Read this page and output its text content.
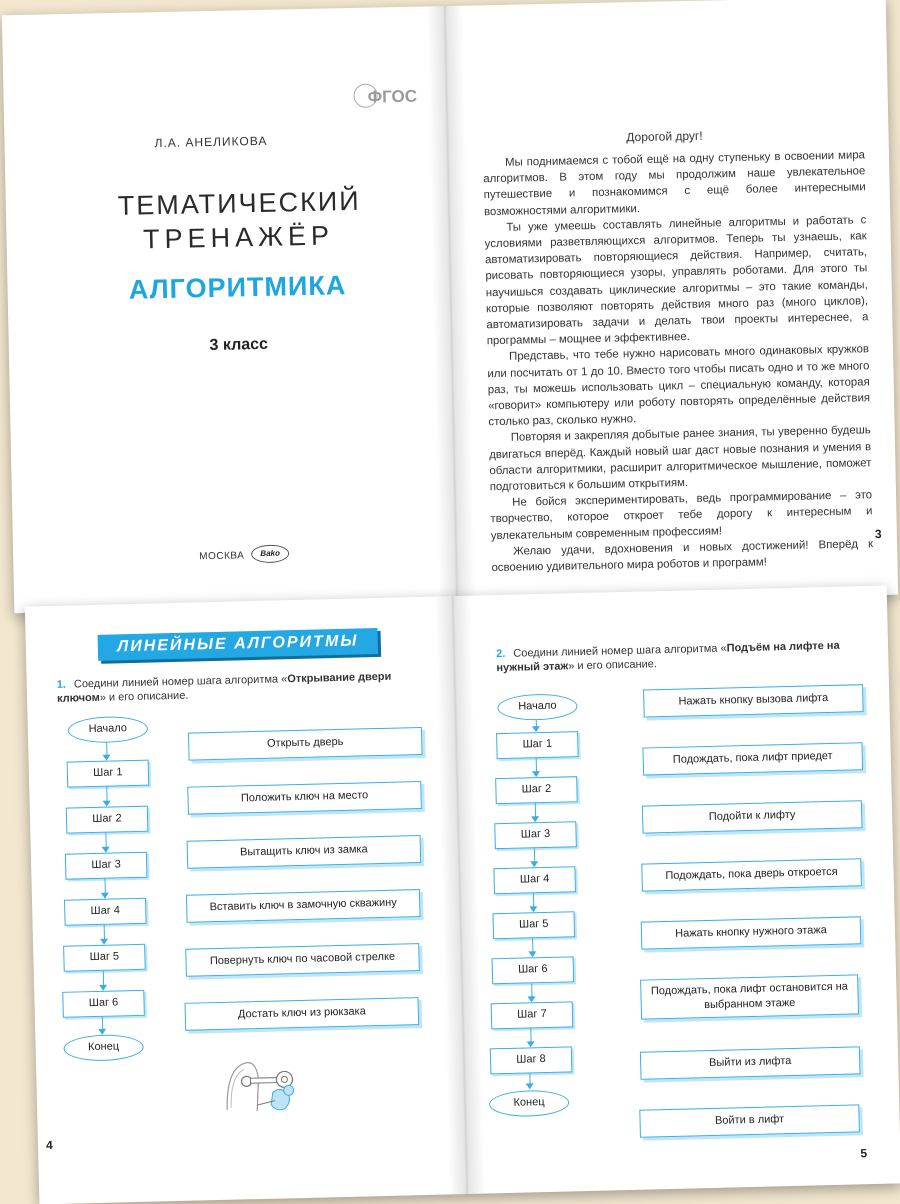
ФГОС
Л.А. АНЕЛИКОВА
ТЕМАТИЧЕСКИЙ
ТРЕНАЖЁР
АЛГОРИТМИКА
3 класс
МОСКВА	Bako
Дорогой друг!

Мы поднимаемся с тобой ещё на одну ступеньку в освоении мира алгоритмов. В этом году мы продолжим наше увлекательное путешествие и познакомимся с ещё более интересными возможностями алгоритмики.

Ты уже умеешь составлять линейные алгоритмы и работать с условиями разветвляющихся алгоритмов. Теперь ты узнаешь, как автоматизировать повторяющиеся действия. Например, считать, рисовать повторяющиеся узоры, управлять роботами. Для этого ты научишься создавать циклические алгоритмы – это такие команды, которые позволяют повторять действия много раз (много циклов), автоматизировать задачи и делать твои проекты интереснее, а программы – мощнее и эффективнее.

Представь, что тебе нужно нарисовать много одинаковых кружков или посчитать от 1 до 10. Вместо того чтобы писать одно и то же много раз, ты можешь использовать цикл – специальную команду, которая «говорит» компьютеру или роботу повторять определённые действия столько раз, сколько нужно.

Повторяя и закрепляя добытые ранее знания, ты уверенно будешь двигаться вперёд. Каждый новый шаг даст новые познания и умения в области алгоритмики, расширит алгоритмическое мышление, поможет подготовиться к большим открытиям.

Не бойся экспериментировать, ведь программирование – это творчество, которое откроет тебе дорогу к интересным и увлекательным современным профессиям!

Желаю удачи, вдохновения и новых достижений! Вперёд к освоению удивительного мира роботов и программ!

3
ЛИНЕЙНЫЕ АЛГОРИТМЫ
1. Соедини линией номер шага алгоритма «Открывание двери ключом» и его описание.
Начало
Шаг 1
Шаг 2
Шаг 3
Шаг 4
Шаг 5
Шаг 6
Конец
Открыть дверь
Положить ключ на место
Вытащить ключ из замка
Вставить ключ в замочную скважину
Повернуть ключ по часовой стрелке
Достать ключ из рюкзака
4
2. Соедини линией номер шага алгоритма «Подъём на лифте на нужный этаж» и его описание.
Начало
Шаг 1
Шаг 2
Шаг 3
Шаг 4
Шаг 5
Шаг 6
Шаг 7
Шаг 8
Конец
Нажать кнопку вызова лифта
Подождать, пока лифт приедет
Подойти к лифту
Подождать, пока дверь откроется
Нажать кнопку нужного этажа
Подождать, пока лифт остановится на выбранном этаже
Выйти из лифта
Войти в лифт
5
